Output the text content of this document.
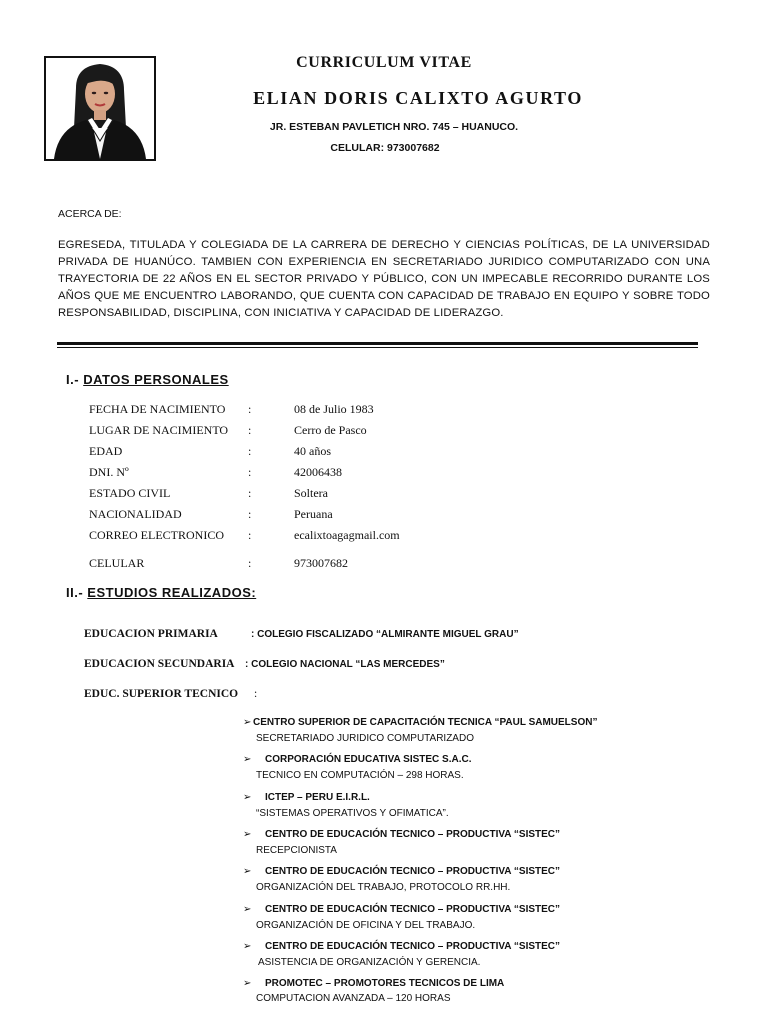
CURRICULUM VITAE
ELIAN DORIS CALIXTO AGURTO
JR. ESTEBAN PAVLETICH NRO. 745 – HUANUCO.
CELULAR: 973007682
ACERCA DE:
EGRESEDA, TITULADA Y COLEGIADA DE LA CARRERA DE DERECHO Y CIENCIAS POLÍTICAS, DE LA UNIVERSIDAD PRIVADA DE HUANÚCO. TAMBIEN CON EXPERIENCIA EN SECRETARIADO JURIDICO COMPUTARIZADO CON UNA TRAYECTORIA DE 22 AÑOS EN EL SECTOR PRIVADO Y PÚBLICO, CON UN IMPECABLE RECORRIDO DURANTE LOS AÑOS QUE ME ENCUENTRO LABORANDO, QUE CUENTA CON CAPACIDAD DE TRABAJO EN EQUIPO Y SOBRE TODO RESPONSABILIDAD, DISCIPLINA, CON INICIATIVA Y CAPACIDAD DE LIDERAZGO.
I.- DATOS PERSONALES
FECHA DE NACIMIENTO :	08 de Julio 1983
LUGAR DE NACIMIENTO :	Cerro de Pasco
EDAD	:	40 años
DNI. Nº	:	42006438
ESTADO CIVIL	:	Soltera
NACIONALIDAD	:	Peruana
CORREO ELECTRONICO :	ecalixtoagagmail.com
CELULAR	:	973007682
II.- ESTUDIOS REALIZADOS:
EDUCACION PRIMARIA	: COLEGIO FISCALIZADO “ALMIRANTE MIGUEL GRAU”
EDUCACION SECUNDARIA : COLEGIO NACIONAL “LAS MERCEDES”
EDUC. SUPERIOR TECNICO :
➢ CENTRO SUPERIOR DE CAPACITACIÓN TECNICA “PAUL SAMUELSON”
SECRETARIADO JURIDICO COMPUTARIZADO
➢ CORPORACIÓN EDUCATIVA SISTEC S.A.C.
TECNICO EN COMPUTACIÓN – 298 HORAS.
➢ ICTEP – PERU E.I.R.L.
“SISTEMAS OPERATIVOS Y OFIMATICA”.
➢ CENTRO DE EDUCACIÓN TECNICO – PRODUCTIVA “SISTEC”
RECEPCIONISTA
➢ CENTRO DE EDUCACIÓN TECNICO – PRODUCTIVA “SISTEC”
ORGANIZACIÓN DEL TRABAJO, PROTOCOLO RR.HH.
➢ CENTRO DE EDUCACIÓN TECNICO – PRODUCTIVA “SISTEC”
ORGANIZACIÓN DE OFICINA Y DEL TRABAJO.
➢ CENTRO DE EDUCACIÓN TECNICO – PRODUCTIVA “SISTEC”
ASISTENCIA DE ORGANIZACIÓN Y GERENCIA.
➢ PROMOTEC – PROMOTORES TECNICOS DE LIMA
COMPUTACION AVANZADA – 120 HORAS
